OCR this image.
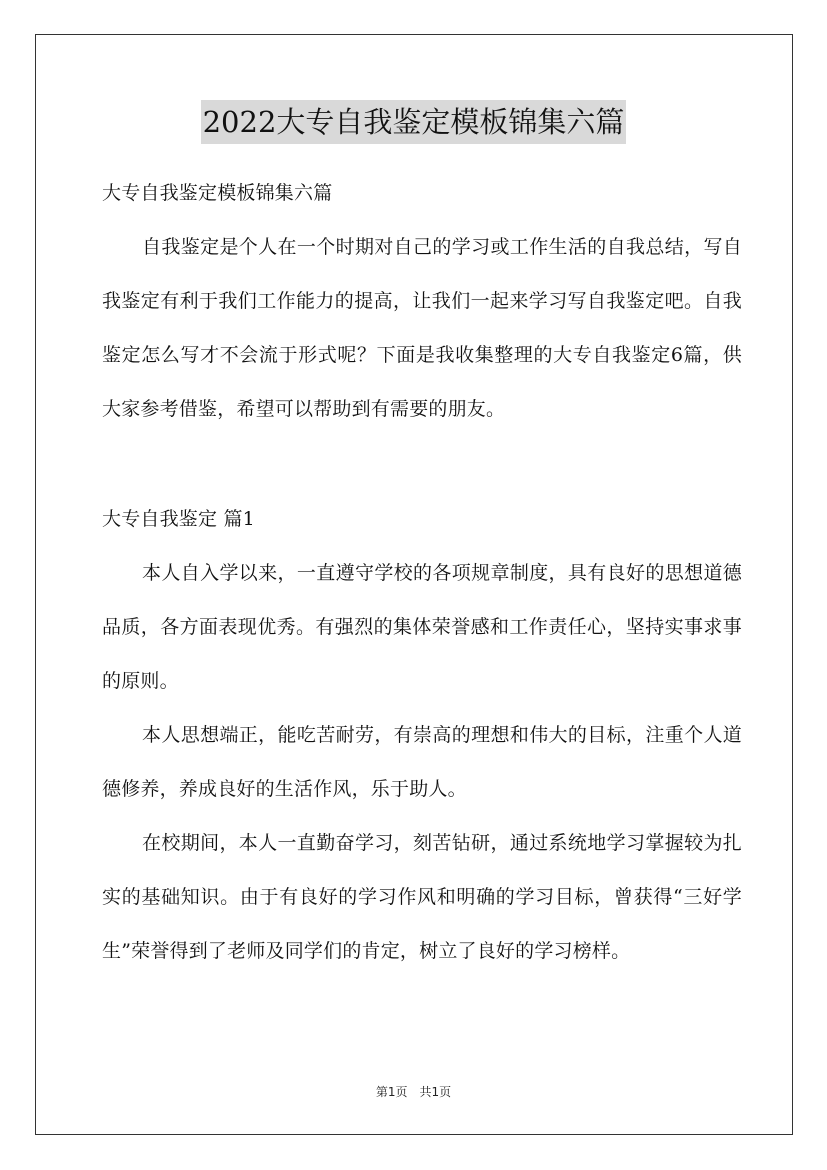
2022大专自我鉴定模板锦集六篇

大专自我鉴定模板锦集六篇

自我鉴定是个人在一个时期对自己的学习或工作生活的自我总结，写自我鉴定有利于我们工作能力的提高，让我们一起来学习写自我鉴定吧。自我鉴定怎么写才不会流于形式呢？下面是我收集整理的大专自我鉴定6篇，供大家参考借鉴，希望可以帮助到有需要的朋友。

大专自我鉴定 篇1

本人自入学以来，一直遵守学校的各项规章制度，具有良好的思想道德品质，各方面表现优秀。有强烈的集体荣誉感和工作责任心，坚持实事求事的原则。

本人思想端正，能吃苦耐劳，有崇高的理想和伟大的目标，注重个人道德修养，养成良好的生活作风，乐于助人。

在校期间，本人一直勤奋学习，刻苦钻研，通过系统地学习掌握较为扎实的基础知识。由于有良好的学习作风和明确的学习目标，曾获得“三好学生”荣誉得到了老师及同学们的肯定，树立了良好的学习榜样。

第1页　共1页
